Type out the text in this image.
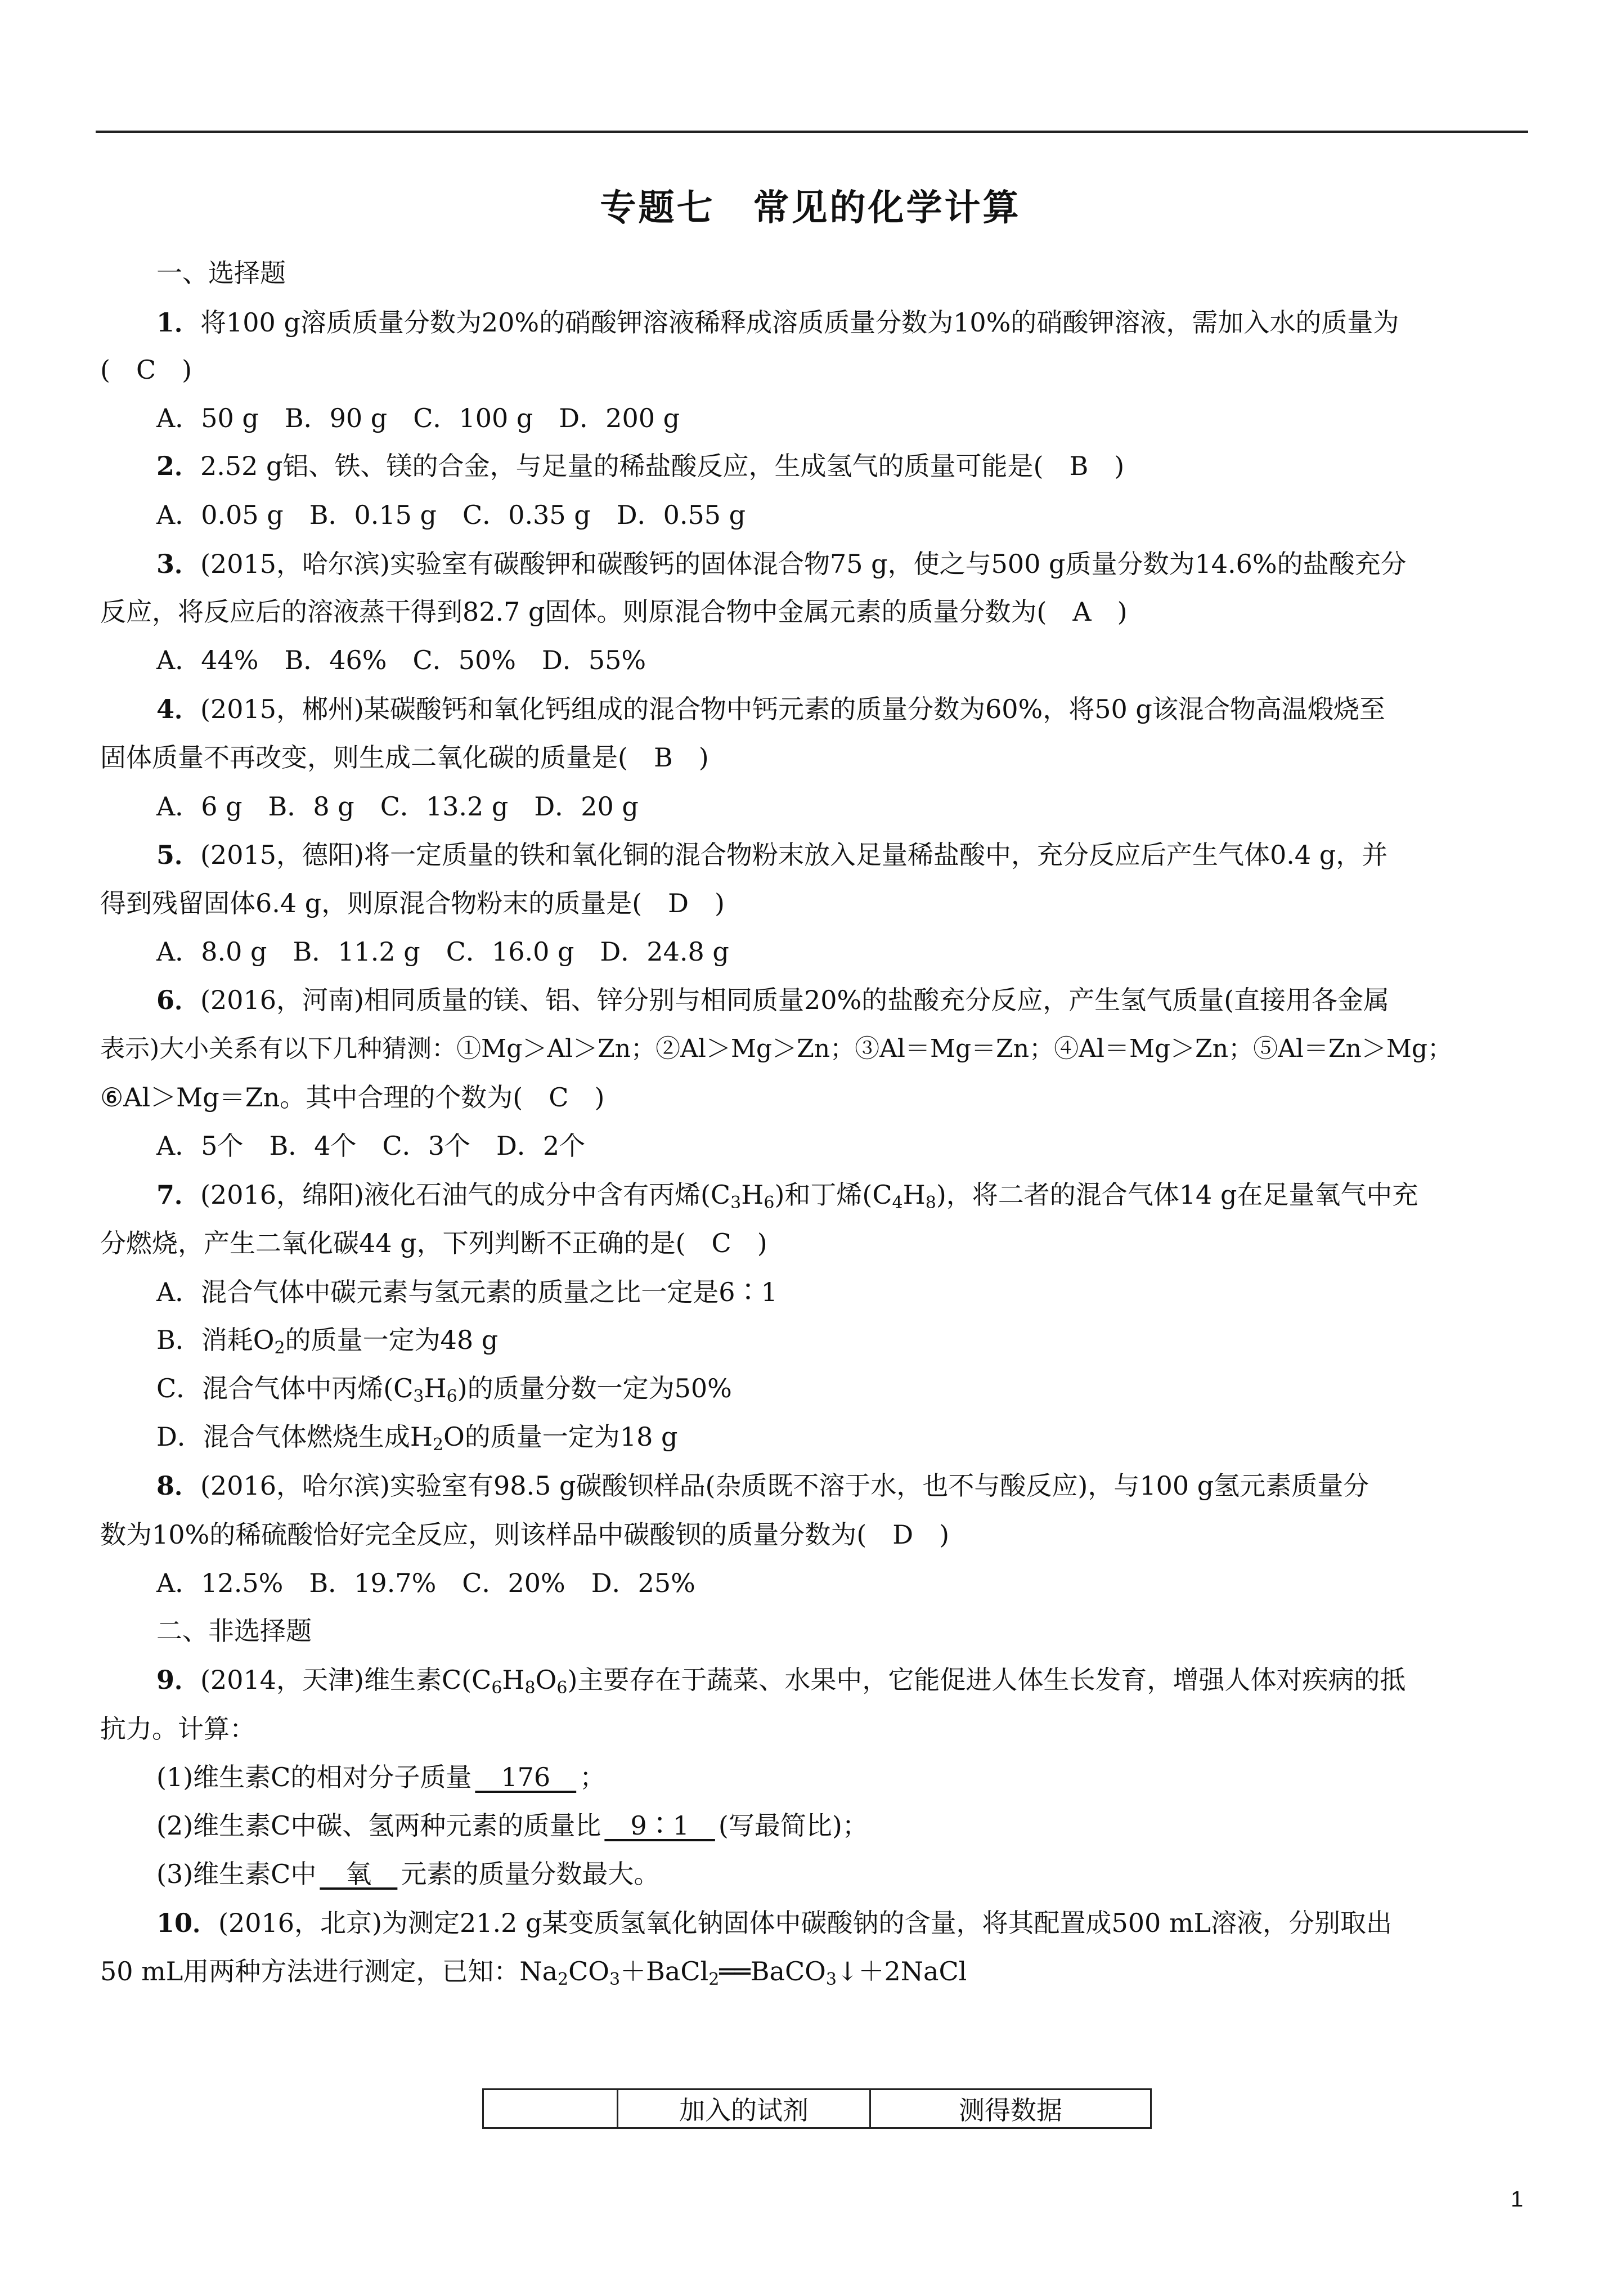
专题七　常见的化学计算
一、选择题
1．将100 g溶质质量分数为20%的硝酸钾溶液稀释成溶质质量分数为10%的硝酸钾溶液，需加入水的质量为
(　C　)
A．50 g　B．90 g　C．100 g　D．200 g
2．2.52 g铝、铁、镁的合金，与足量的稀盐酸反应，生成氢气的质量可能是(　B　)
A．0.05 g　B．0.15 g　C．0.35 g　D．0.55 g
3．(2015，哈尔滨)实验室有碳酸钾和碳酸钙的固体混合物75 g，使之与500 g质量分数为14.6%的盐酸充分
反应，将反应后的溶液蒸干得到82.7 g固体。则原混合物中金属元素的质量分数为(　A　)
A．44%　B．46%　C．50%　D．55%
4．(2015，郴州)某碳酸钙和氧化钙组成的混合物中钙元素的质量分数为60%，将50 g该混合物高温煅烧至
固体质量不再改变，则生成二氧化碳的质量是(　B　)
A．6 g　B．8 g　C．13.2 g　D．20 g
5．(2015，德阳)将一定质量的铁和氧化铜的混合物粉末放入足量稀盐酸中，充分反应后产生气体0.4 g，并
得到残留固体6.4 g，则原混合物粉末的质量是(　D　)
A．8.0 g　B．11.2 g　C．16.0 g　D．24.8 g
6．(2016，河南)相同质量的镁、铝、锌分别与相同质量20%的盐酸充分反应，产生氢气质量(直接用各金属
表示)大小关系有以下几种猜测：①Mg＞Al＞Zn；②Al＞Mg＞Zn；③Al＝Mg＝Zn；④Al＝Mg＞Zn；⑤Al＝Zn＞Mg；
⑥Al＞Mg＝Zn。其中合理的个数为(　C　)
A．5个　B．4个　C．3个　D．2个
7．(2016，绵阳)液化石油气的成分中含有丙烯$(C_3H_6)$和丁烯$(C_4H_8)$，将二者的混合气体14 g在足量氧气中充
分燃烧，产生二氧化碳44 g，下列判断不正确的是(　C　)
A．混合气体中碳元素与氢元素的质量之比一定是6∶1
B．消耗$O_2$的质量一定为48 g
C．混合气体中丙烯$(C_3H_6)$的质量分数一定为50%
D．混合气体燃烧生成$H_2O$的质量一定为18 g
8．(2016，哈尔滨)实验室有98.5 g碳酸钡样品(杂质既不溶于水，也不与酸反应)，与100 g氢元素质量分
数为10%的稀硫酸恰好完全反应，则该样品中碳酸钡的质量分数为(　D　)
A．12.5%　B．19.7%　C．20%　D．25%
二、非选择题
9．(2014，天津)维生素$C(C_6H_8O_6)$主要存在于蔬菜、水果中，它能促进人体生长发育，增强人体对疾病的抵
抗力。计算：
(1)维生素C的相对分子质量　176　；
(2)维生素C中碳、氢两种元素的质量比　9∶1　(写最简比)；
(3)维生素C中　氧　元素的质量分数最大。
10．(2016，北京)为测定21.2 g某变质氢氧化钠固体中碳酸钠的含量，将其配置成500 mL溶液，分别取出
50 mL用两种方法进行测定，已知：$Na_2CO_3+BaCl_2══BaCO_3↓+2NaCl$
	加入的试剂	测得数据
1
